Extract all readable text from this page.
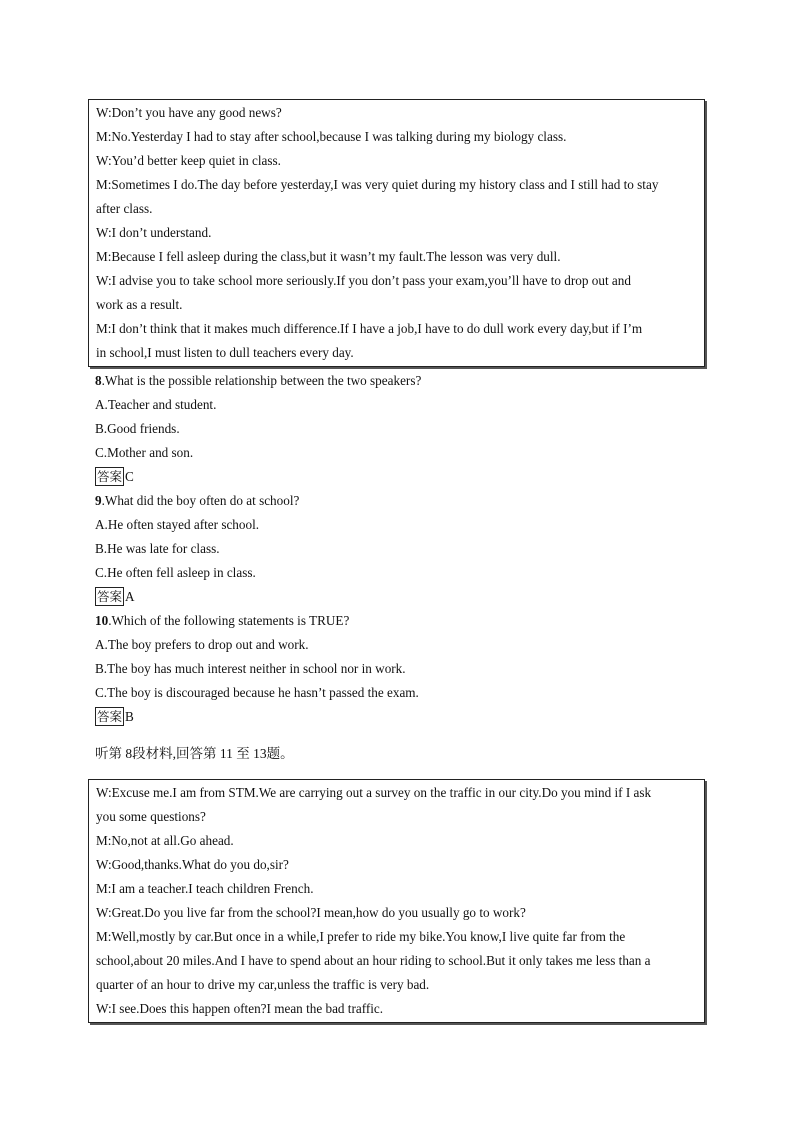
W:Don’t you have any good news?
M:No.Yesterday I had to stay after school,because I was talking during my biology class.
W:You’d better keep quiet in class.
M:Sometimes I do.The day before yesterday,I was very quiet during my history class and I still had to stay
after class.
W:I don’t understand.
M:Because I fell asleep during the class,but it wasn’t my fault.The lesson was very dull.
W:I advise you to take school more seriously.If you don’t pass your exam,you’ll have to drop out and
work as a result.
M:I don’t think that it makes much difference.If I have a job,I have to do dull work every day,but if I’m
in school,I must listen to dull teachers every day.
8.What is the possible relationship between the two speakers?
A.Teacher and student.
B.Good friends.
C.Mother and son.
答案 C
9.What did the boy often do at school?
A.He often stayed after school.
B.He was late for class.
C.He often fell asleep in class.
答案 A
10.Which of the following statements is TRUE?
A.The boy prefers to drop out and work.
B.The boy has much interest neither in school nor in work.
C.The boy is discouraged because he hasn’t passed the exam.
答案 B
听第 8段材料,回答第 11 至 13题。
W:Excuse me.I am from STM.We are carrying out a survey on the traffic in our city.Do you mind if I ask
you some questions?
M:No,not at all.Go ahead.
W:Good,thanks.What do you do,sir?
M:I am a teacher.I teach children French.
W:Great.Do you live far from the school?I mean,how do you usually go to work?
M:Well,mostly by car.But once in a while,I prefer to ride my bike.You know,I live quite far from the
school,about 20 miles.And I have to spend about an hour riding to school.But it only takes me less than a
quarter of an hour to drive my car,unless the traffic is very bad.
W:I see.Does this happen often?I mean the bad traffic.
